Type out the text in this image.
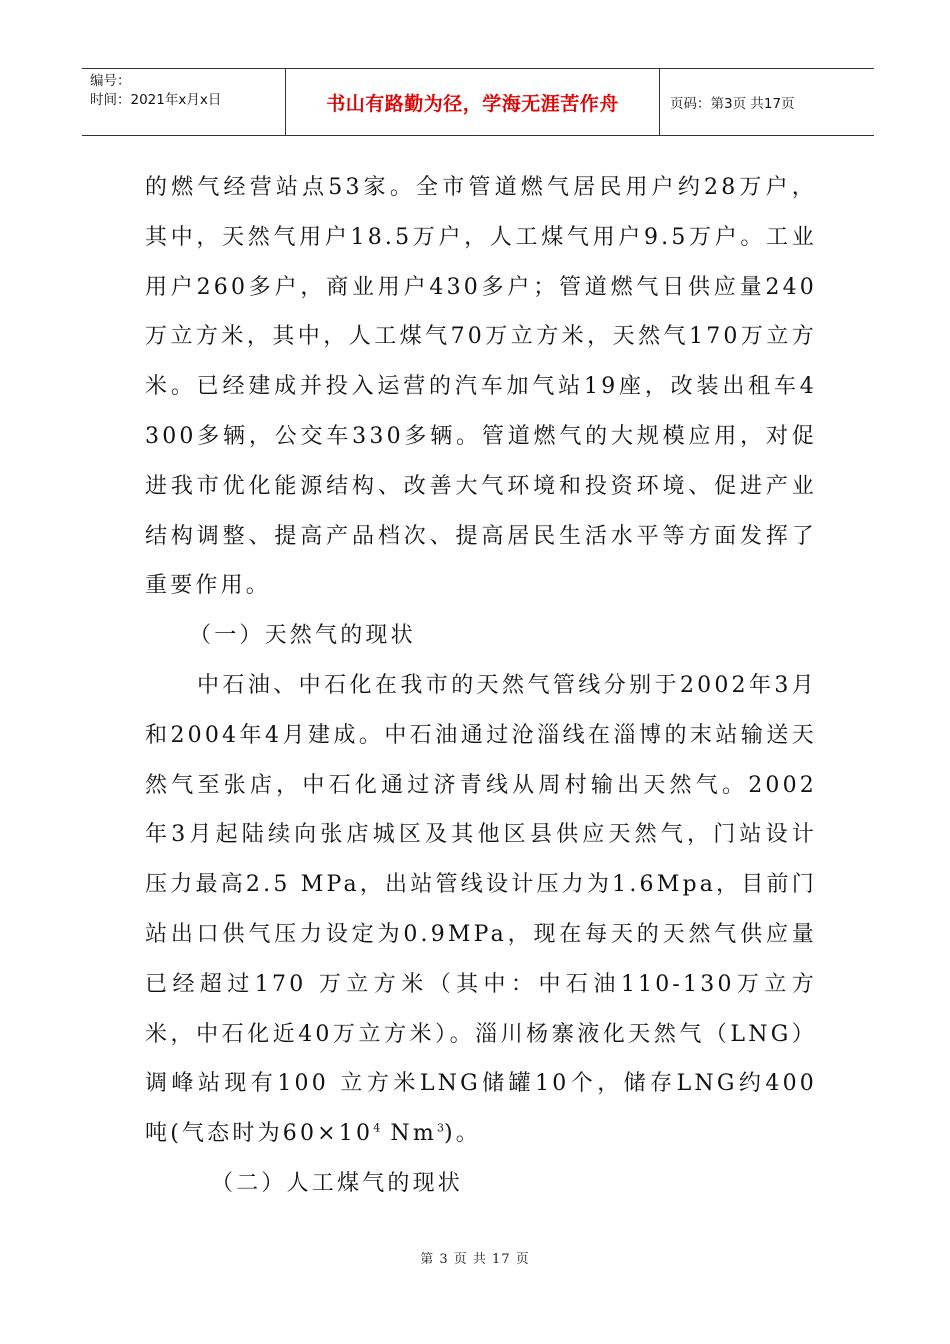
编号：
时间：2021年x月x日	书山有路勤为径，学海无涯苦作舟	页码：第3页 共17页

的燃气经营站点53家。全市管道燃气居民用户约28万户，其中，天然气用户18.5万户，人工煤气用户9.5万户。工业用户260多户，商业用户430多户；管道燃气日供应量240万立方米，其中，人工煤气70万立方米，天然气170万立方米。已经建成并投入运营的汽车加气站19座，改装出租车4300多辆，公交车330多辆。管道燃气的大规模应用，对促进我市优化能源结构、改善大气环境和投资环境、促进产业结构调整、提高产品档次、提高居民生活水平等方面发挥了重要作用。

（一）天然气的现状

中石油、中石化在我市的天然气管线分别于2002年3月和2004年4月建成。中石油通过沧淄线在淄博的末站输送天然气至张店，中石化通过济青线从周村输出天然气。2002年3月起陆续向张店城区及其他区县供应天然气，门站设计压力最高2.5 MPa，出站管线设计压力为1.6Mpa，目前门站出口供气压力设定为0.9MPa，现在每天的天然气供应量已经超过170 万立方米（其中：中石油110-130万立方米，中石化近40万立方米）。淄川杨寨液化天然气（LNG）调峰站现有100 立方米LNG储罐10个，储存LNG约400吨(气态时为$60\times 10^4$ Nm$^3$)。

（二）人工煤气的现状

第 3 页 共 17 页
